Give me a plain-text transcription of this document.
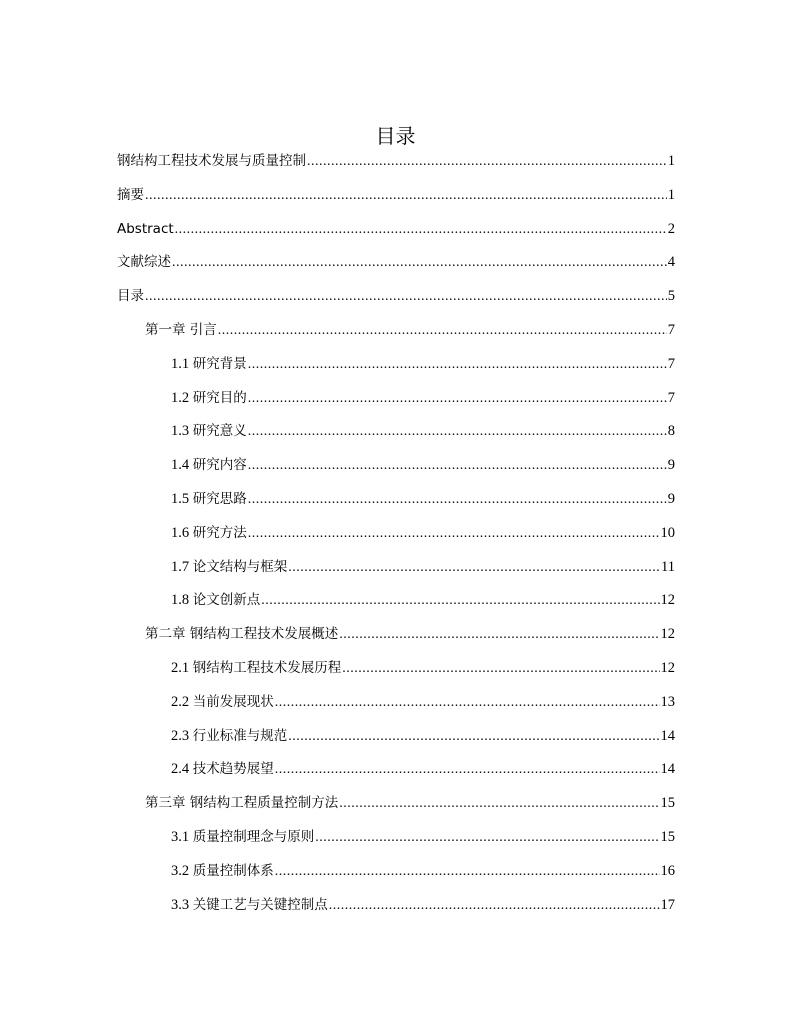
目录
钢结构工程技术发展与质量控制 .....	1
摘要 .....	1
Abstract .....	2
文献综述 .....	4
目录 .....	5
第一章 引言 .....	7
1.1 研究背景 .....	7
1.2 研究目的 .....	7
1.3 研究意义 .....	8
1.4 研究内容 .....	9
1.5 研究思路 .....	9
1.6 研究方法 .....	10
1.7 论文结构与框架 .....	11
1.8 论文创新点 .....	12
第二章 钢结构工程技术发展概述 .....	12
2.1 钢结构工程技术发展历程 .....	12
2.2 当前发展现状 .....	13
2.3 行业标准与规范 .....	14
2.4 技术趋势展望 .....	14
第三章 钢结构工程质量控制方法 .....	15
3.1 质量控制理念与原则 .....	15
3.2 质量控制体系 .....	16
3.3 关键工艺与关键控制点 .....	17
